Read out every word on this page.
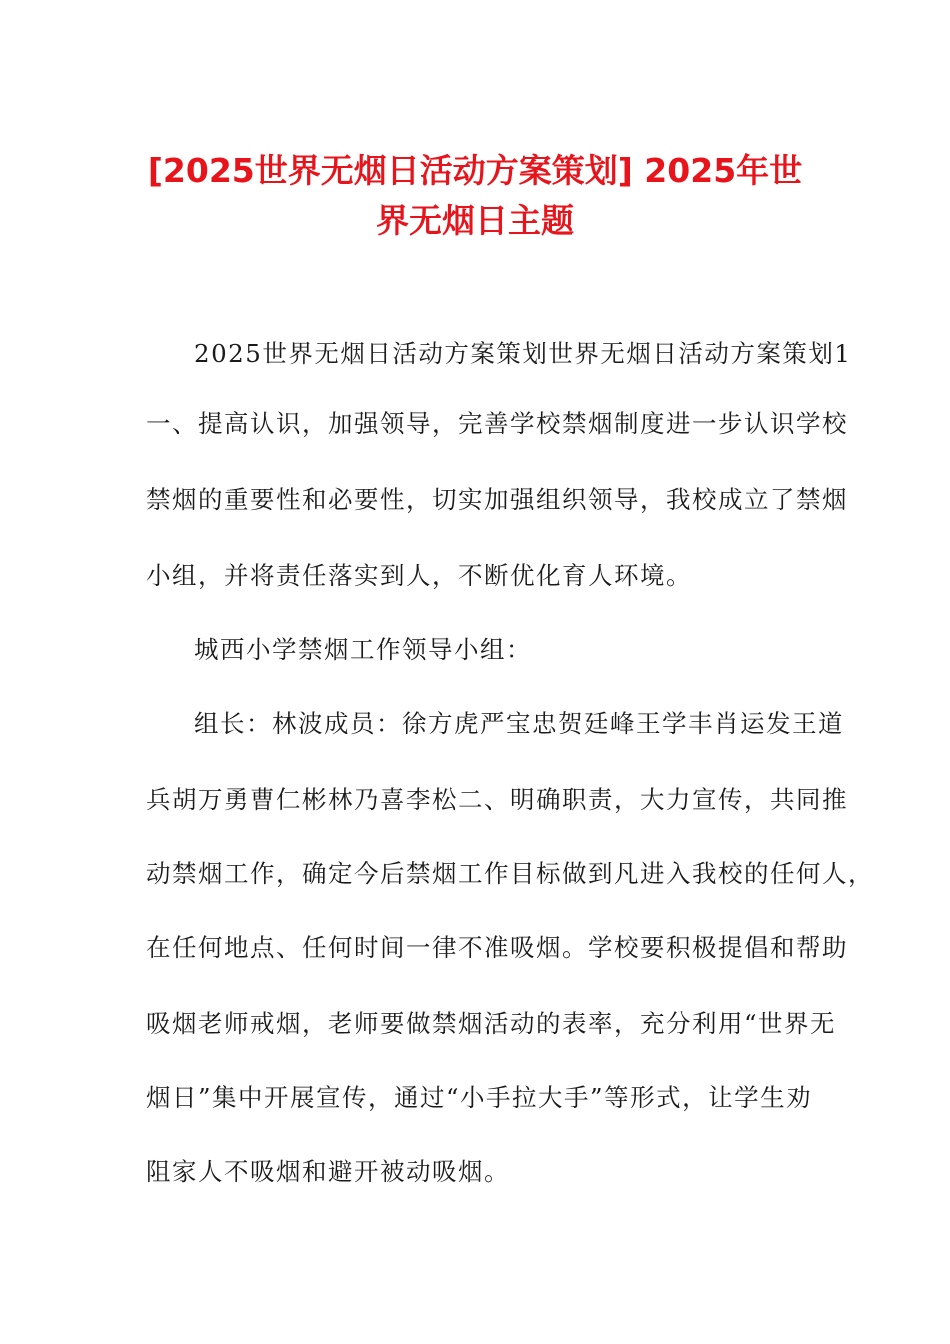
[2025世界无烟日活动方案策划] 2025年世
界无烟日主题

2025世界无烟日活动方案策划世界无烟日活动方案策划1

一、提高认识，加强领导，完善学校禁烟制度进一步认识学校

禁烟的重要性和必要性，切实加强组织领导，我校成立了禁烟

小组，并将责任落实到人，不断优化育人环境。

城西小学禁烟工作领导小组：

组长：林波成员：徐方虎严宝忠贺廷峰王学丰肖运发王道

兵胡万勇曹仁彬林乃喜李松二、明确职责，大力宣传，共同推

动禁烟工作，确定今后禁烟工作目标做到凡进入我校的任何人，

在任何地点、任何时间一律不准吸烟。学校要积极提倡和帮助

吸烟老师戒烟，老师要做禁烟活动的表率，充分利用“世界无

烟日”集中开展宣传，通过“小手拉大手”等形式，让学生劝

阻家人不吸烟和避开被动吸烟。
